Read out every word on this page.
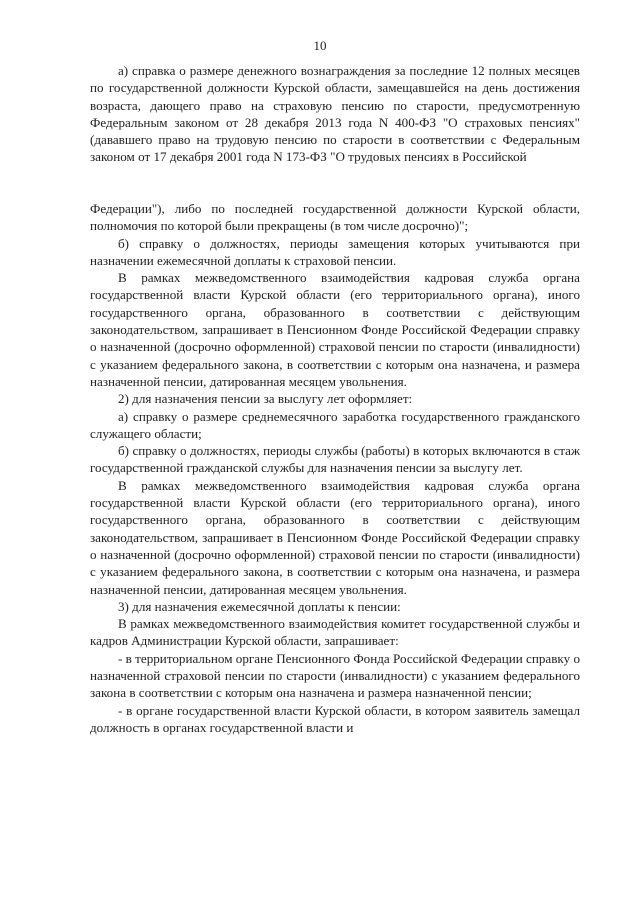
10

а) справка о размере денежного вознаграждения за последние 12 полных месяцев по государственной должности Курской области, замещавшейся на день достижения возраста, дающего право на страховую пенсию по старости, предусмотренную Федеральным законом от 28 декабря 2013 года N 400-ФЗ "О страховых пенсиях" (дававшего право на трудовую пенсию по старости в соответствии с Федеральным законом от 17 декабря 2001 года N 173-ФЗ "О трудовых пенсиях в Российской

Федерации"), либо по последней государственной должности Курской области, полномочия по которой были прекращены (в том числе досрочно)";

б) справку о должностях, периоды замещения которых учитываются при назначении ежемесячной доплаты к страховой пенсии.

В рамках межведомственного взаимодействия кадровая служба органа государственной власти Курской области (его территориального органа), иного государственного органа, образованного в соответствии с действующим законодательством, запрашивает в Пенсионном Фонде Российской Федерации справку о назначенной (досрочно оформленной) страховой пенсии по старости (инвалидности) с указанием федерального закона, в соответствии с которым она назначена, и размера назначенной пенсии, датированная месяцем увольнения.

2) для назначения пенсии за выслугу лет оформляет:

а) справку о размере среднемесячного заработка государственного гражданского служащего области;

б) справку о должностях, периоды службы (работы) в которых включаются в стаж государственной гражданской службы для назначения пенсии за выслугу лет.

В рамках межведомственного взаимодействия кадровая служба органа государственной власти Курской области (его территориального органа), иного государственного органа, образованного в соответствии с действующим законодательством, запрашивает в Пенсионном Фонде Российской Федерации справку о назначенной (досрочно оформленной) страховой пенсии по старости (инвалидности) с указанием федерального закона, в соответствии с которым она назначена, и размера назначенной пенсии, датированная месяцем увольнения.

3) для назначения ежемесячной доплаты к пенсии:

В рамках межведомственного взаимодействия комитет государственной службы и кадров Администрации Курской области, запрашивает:

- в территориальном органе Пенсионного Фонда Российской Федерации справку о назначенной страховой пенсии по старости (инвалидности) с указанием федерального закона в соответствии с которым она назначена и размера назначенной пенсии;

- в органе государственной власти Курской области, в котором заявитель замещал должность в органах государственной власти и
